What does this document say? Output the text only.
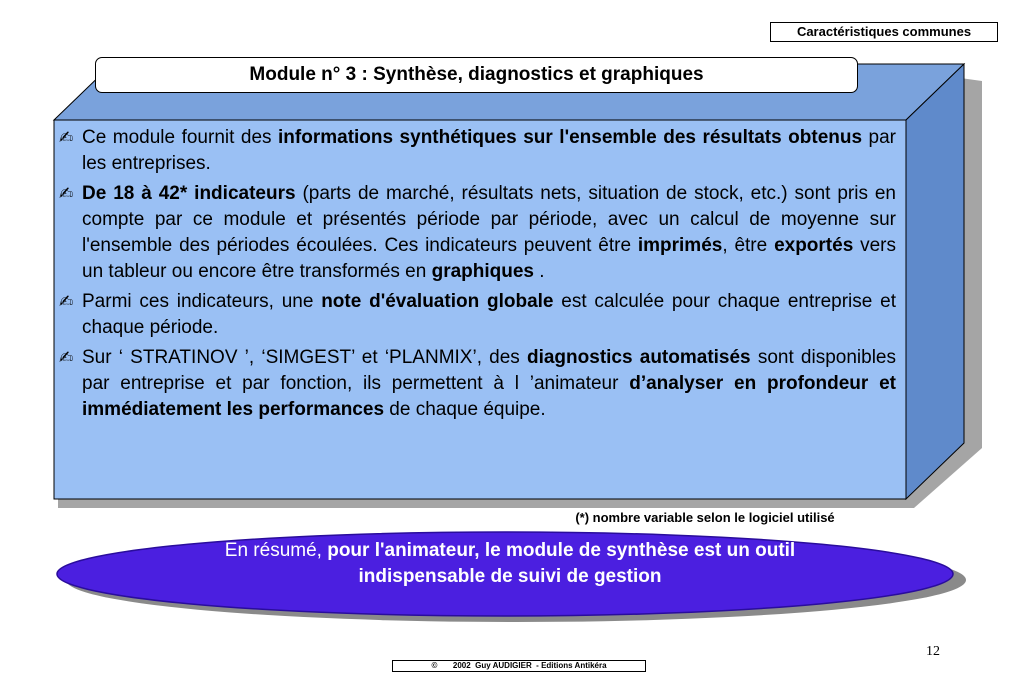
Caractéristiques communes
Module n° 3 : Synthèse, diagnostics et graphiques
✍ Ce module fournit des informations synthétiques sur l'ensemble des résultats obtenus par les entreprises.
✍ De 18 à 42* indicateurs (parts de marché, résultats nets, situation de stock, etc.) sont pris en compte par ce module et présentés période par période, avec un calcul de moyenne sur l'ensemble des périodes écoulées. Ces indicateurs peuvent être imprimés, être exportés vers un tableur ou encore être transformés en graphiques .
✍ Parmi ces indicateurs, une note d'évaluation globale est calculée pour chaque entreprise et chaque période.
✍ Sur ‘ STRATINOV ’, ‘SIMGEST’ et ‘PLANMIX’, des diagnostics automatisés sont disponibles par entreprise et par fonction, ils permettent à l ’animateur d’analyser en profondeur et immédiatement les performances de chaque équipe.
(*) nombre variable selon le logiciel utilisé
En résumé, pour l'animateur, le module de synthèse est un outil indispensable de suivi de gestion
12
©       2002  Guy AUDIGIER  - Editions Antikéra
